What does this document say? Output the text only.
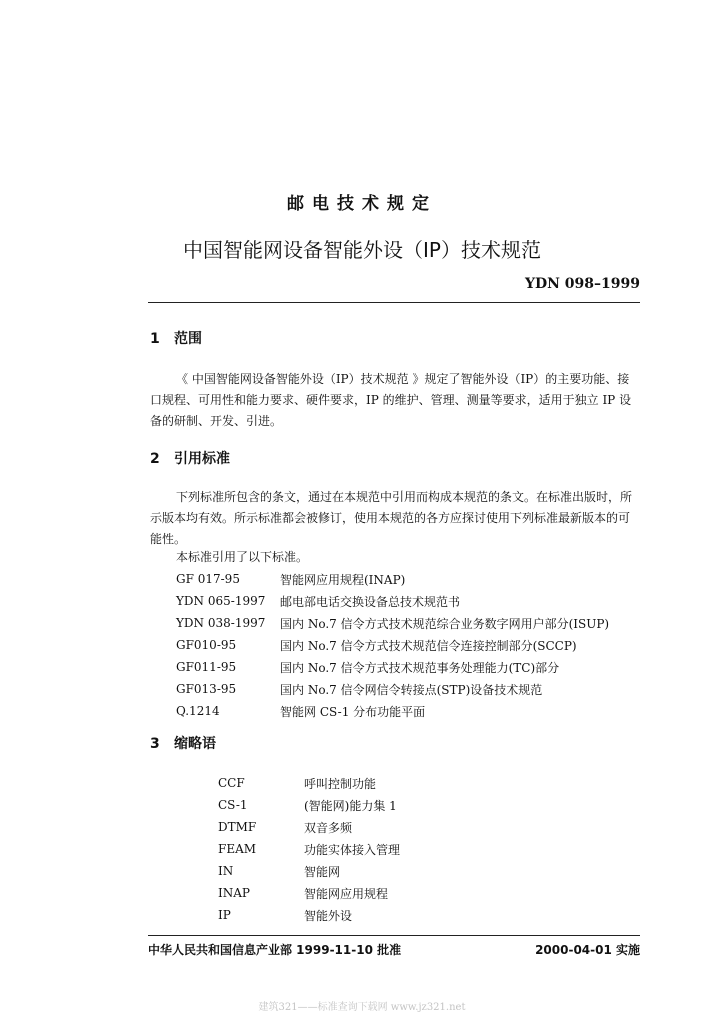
邮电技术规定
中国智能网设备智能外设（IP）技术规范
YDN 098–1999
1 范围
《 中国智能网设备智能外设（IP）技术规范 》规定了智能外设（IP）的主要功能、接口规程、可用性和能力要求、硬件要求，IP 的维护、管理、测量等要求，适用于独立 IP 设备的研制、开发、引进。
2 引用标准
下列标准所包含的条文，通过在本规范中引用而构成本规范的条文。在标准出版时，所示版本均有效。所示标准都会被修订，使用本规范的各方应探讨使用下列标准最新版本的可能性。
本标准引用了以下标准。
GF 017-95	智能网应用规程(INAP)
YDN 065-1997	邮电部电话交换设备总技术规范书
YDN 038-1997	国内 No.7 信令方式技术规范综合业务数字网用户部分(ISUP)
GF010-95	国内 No.7 信令方式技术规范信令连接控制部分(SCCP)
GF011-95	国内 No.7 信令方式技术规范事务处理能力(TC)部分
GF013-95	国内 No.7 信令网信令转接点(STP)设备技术规范
Q.1214	智能网 CS-1 分布功能平面
3 缩略语
CCF	呼叫控制功能
CS-1	(智能网)能力集 1
DTMF	双音多频
FEAM	功能实体接入管理
IN	智能网
INAP	智能网应用规程
IP	智能外设
中华人民共和国信息产业部 1999-11-10 批准	2000-04-01 实施
建筑321——标准查询下载网 www.jz321.net
